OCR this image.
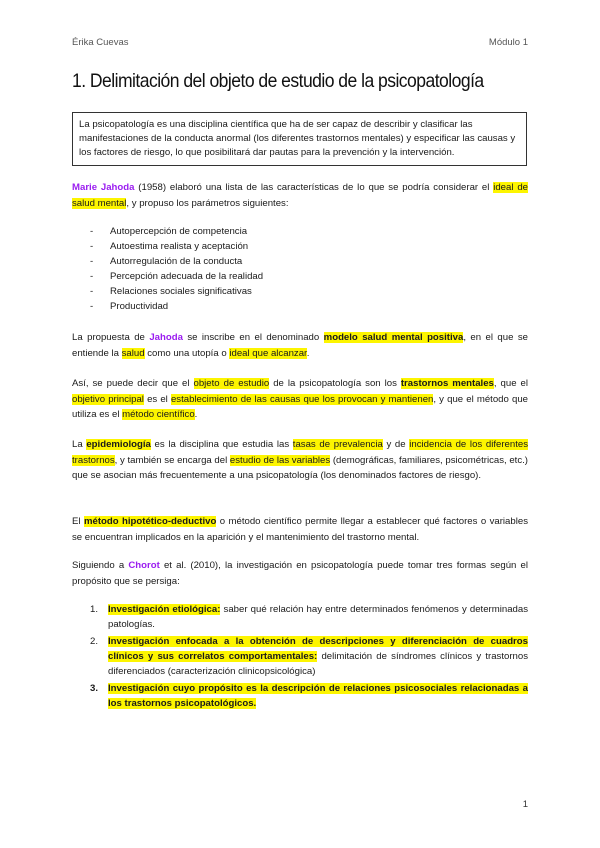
Érika Cuevas	Módulo 1
1. Delimitación del objeto de estudio de la psicopatología
La psicopatología es una disciplina científica que ha de ser capaz de describir y clasificar las manifestaciones de la conducta anormal (los diferentes trastornos mentales) y especificar las causas y los factores de riesgo, lo que posibilitará dar pautas para la prevención y la intervención.

Marie Jahoda (1958) elaboró una lista de las características de lo que se podría considerar el ideal de salud mental, y propuso los parámetros siguientes:

- Autopercepción de competencia
- Autoestima realista y aceptación
- Autorregulación de la conducta
- Percepción adecuada de la realidad
- Relaciones sociales significativas
- Productividad

La propuesta de Jahoda se inscribe en el denominado modelo salud mental positiva, en el que se entiende la salud como una utopía o ideal que alcanzar.

Así, se puede decir que el objeto de estudio de la psicopatología son los trastornos mentales, que el objetivo principal es el establecimiento de las causas que los provocan y mantienen, y que el método que utiliza es el método científico.

La epidemiología es la disciplina que estudia las tasas de prevalencia y de incidencia de los diferentes trastornos, y también se encarga del estudio de las variables (demográficas, familiares, psicométricas, etc.) que se asocian más frecuentemente a una psicopatología (los denominados factores de riesgo).

El método hipotético-deductivo o método científico permite llegar a establecer qué factores o variables se encuentran implicados en la aparición y el mantenimiento del trastorno mental.

Siguiendo a Chorot et al. (2010), la investigación en psicopatología puede tomar tres formas según el propósito que se persiga:

1. Investigación etiológica: saber qué relación hay entre determinados fenómenos y determinadas patologías.
2. Investigación enfocada a la obtención de descripciones y diferenciación de cuadros clínicos y sus correlatos comportamentales: delimitación de síndromes clínicos y trastornos diferenciados (caracterización clinicopsicológica)
3. Investigación cuyo propósito es la descripción de relaciones psicosociales relacionadas a los trastornos psicopatológicos.
1
